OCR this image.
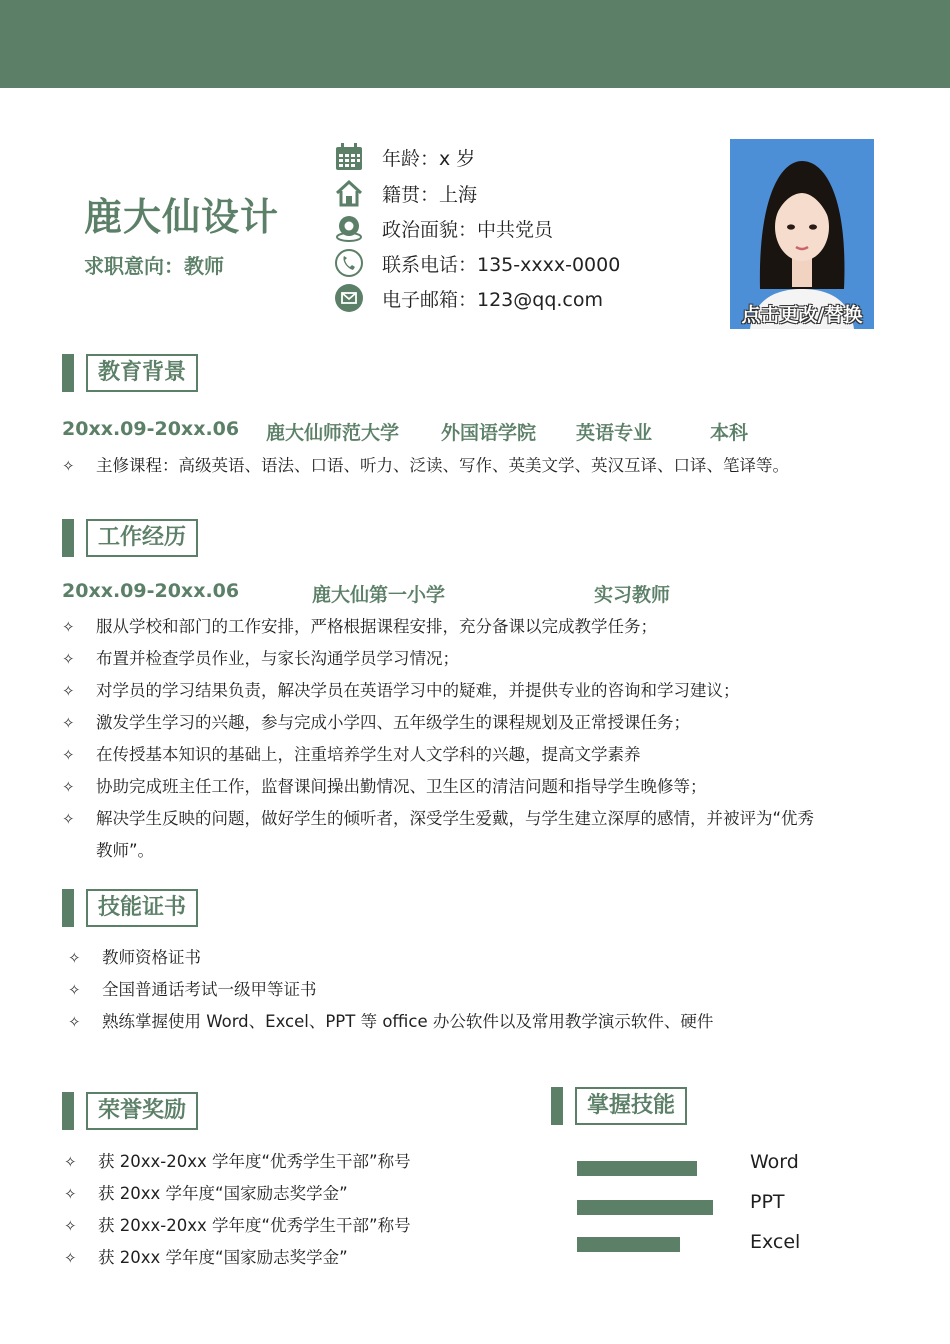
鹿大仙设计
求职意向：教师
年龄：x 岁
籍贯：上海
政治面貌：中共党员
联系电话：135-xxxx-0000
电子邮箱：123@qq.com
点击更改/替换
教育背景
20xx.09-20xx.06 鹿大仙师范大学 外国语学院 英语专业	本科
✧ 主修课程：高级英语、语法、口语、听力、泛读、写作、英美文学、英汉互译、口译、笔译等。
工作经历
20xx.09-20xx.06	鹿大仙第一小学	实习教师
✧ 服从学校和部门的工作安排，严格根据课程安排，充分备课以完成教学任务；
✧ 布置并检查学员作业，与家长沟通学员学习情况；
✧ 对学员的学习结果负责，解决学员在英语学习中的疑难，并提供专业的咨询和学习建议；
✧ 激发学生学习的兴趣，参与完成小学四、五年级学生的课程规划及正常授课任务；
✧ 在传授基本知识的基础上，注重培养学生对人文学科的兴趣，提高文学素养
✧ 协助完成班主任工作，监督课间操出勤情况、卫生区的清洁问题和指导学生晚修等；
✧ 解决学生反映的问题，做好学生的倾听者，深受学生爱戴，与学生建立深厚的感情，并被评为“优秀
教师”。
技能证书
✧ 教师资格证书
✧ 全国普通话考试一级甲等证书
✧ 熟练掌握使用 Word、Excel、PPT 等 office 办公软件以及常用教学演示软件、硬件
荣誉奖励
✧ 获 20xx-20xx 学年度“优秀学生干部”称号
✧ 获 20xx 学年度“国家励志奖学金”
✧ 获 20xx-20xx 学年度“优秀学生干部”称号
✧ 获 20xx 学年度“国家励志奖学金”
掌握技能
Word
PPT
Excel
